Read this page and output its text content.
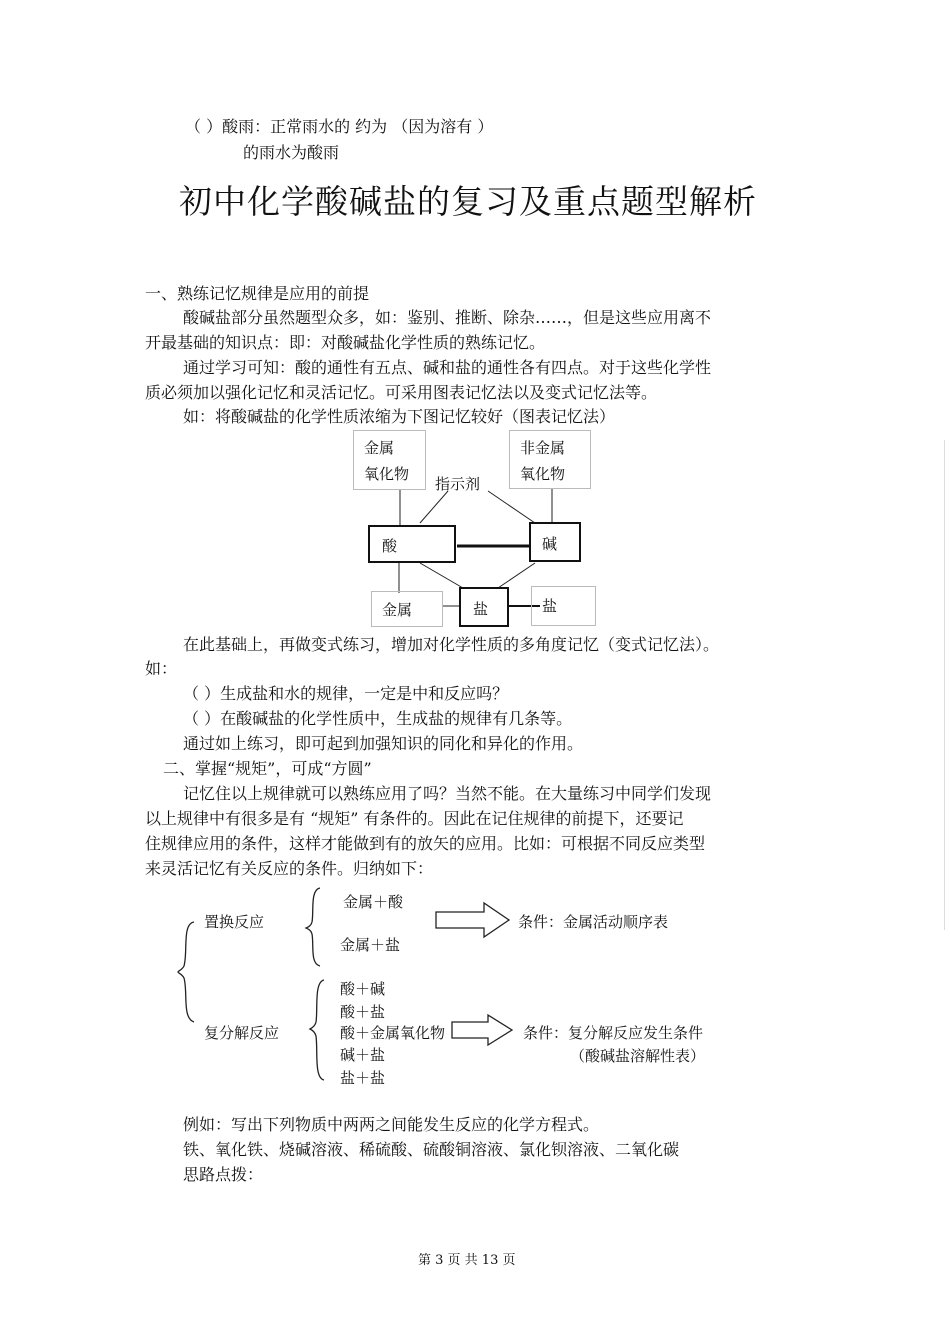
（ ）酸雨：正常雨水的 约为 （因为溶有 ）
的雨水为酸雨
初中化学酸碱盐的复习及重点题型解析
一、熟练记忆规律是应用的前提
酸碱盐部分虽然题型众多，如：鉴别、推断、除杂……，但是这些应用离不
开最基础的知识点：即：对酸碱盐化学性质的熟练记忆。
通过学习可知：酸的通性有五点、碱和盐的通性各有四点。对于这些化学性
质必须加以强化记忆和灵活记忆。可采用图表记忆法以及变式记忆法等。
如：将酸碱盐的化学性质浓缩为下图记忆较好（图表记忆法）
金属
氧化物
非金属
氧化物
指示剂
酸	碱
金属	盐	盐
在此基础上，再做变式练习，增加对化学性质的多角度记忆（变式记忆法）。
如：
（ ）生成盐和水的规律，一定是中和反应吗？
（ ）在酸碱盐的化学性质中，生成盐的规律有几条等。
通过如上练习，即可起到加强知识的同化和异化的作用。
二、掌握“规矩”，可成“方圆”
记忆住以上规律就可以熟练应用了吗？当然不能。在大量练习中同学们发现
以上规律中有很多是有 “规矩” 有条件的。因此在记住规律的前提下，还要记
住规律应用的条件，这样才能做到有的放矢的应用。比如：可根据不同反应类型
来灵活记忆有关反应的条件。归纳如下：
置换反应
金属＋酸
金属＋盐
条件：金属活动顺序表
复分解反应
酸＋碱
酸＋盐
酸＋金属氧化物
碱＋盐
盐＋盐
条件：复分解反应发生条件
（酸碱盐溶解性表）
例如：写出下列物质中两两之间能发生反应的化学方程式。
铁、氧化铁、烧碱溶液、稀硫酸、硫酸铜溶液、氯化钡溶液、二氧化碳
思路点拨：
第 3 页 共 13 页
